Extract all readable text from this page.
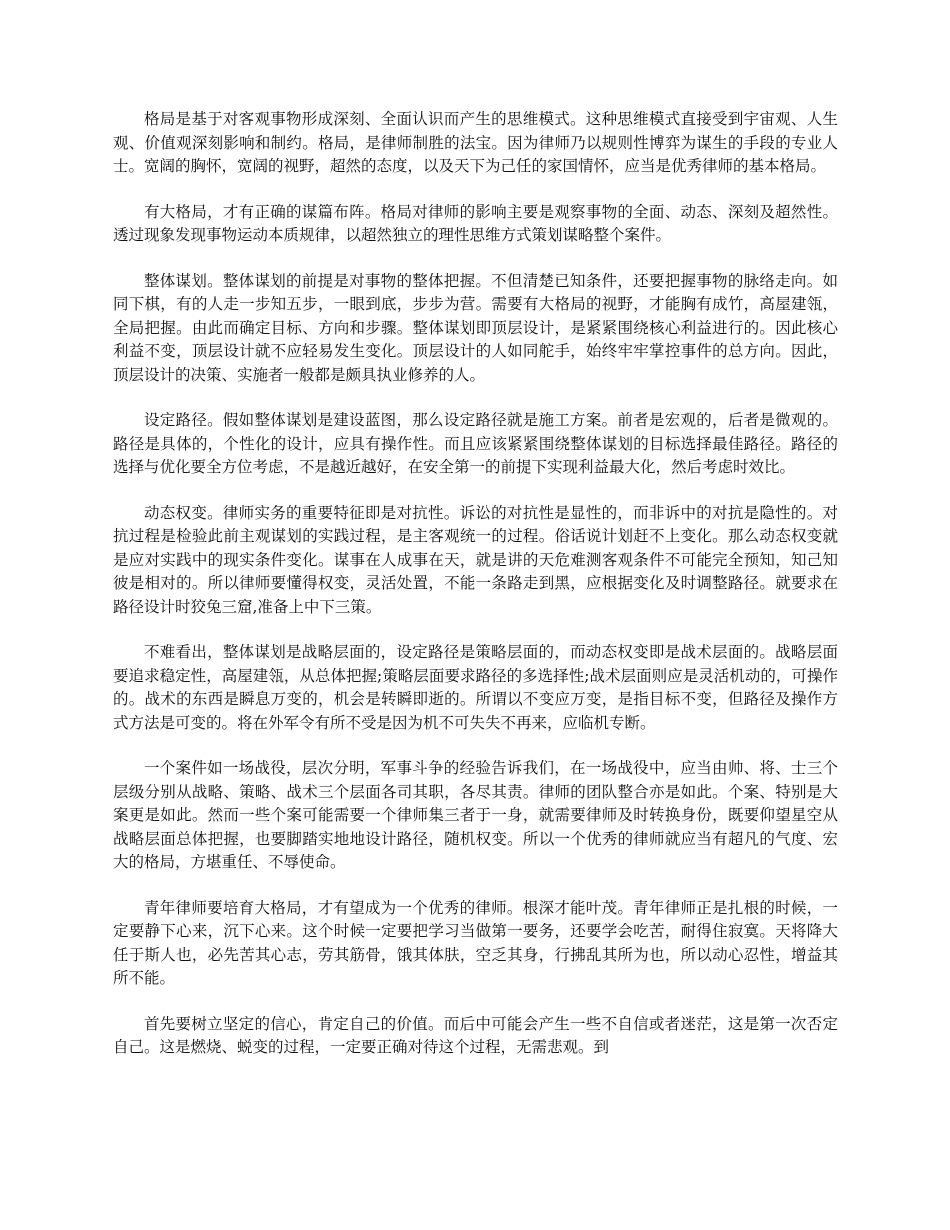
格局是基于对客观事物形成深刻、全面认识而产生的思维模式。这种思维模式直接受到宇宙观、人生观、价值观深刻影响和制约。格局，是律师制胜的法宝。因为律师乃以规则性博弈为谋生的手段的专业人士。宽阔的胸怀，宽阔的视野，超然的态度，以及天下为己任的家国情怀，应当是优秀律师的基本格局。

有大格局，才有正确的谋篇布阵。格局对律师的影响主要是观察事物的全面、动态、深刻及超然性。透过现象发现事物运动本质规律，以超然独立的理性思维方式策划谋略整个案件。

整体谋划。整体谋划的前提是对事物的整体把握。不但清楚已知条件，还要把握事物的脉络走向。如同下棋，有的人走一步知五步，一眼到底，步步为营。需要有大格局的视野，才能胸有成竹，高屋建瓴，全局把握。由此而确定目标、方向和步骤。整体谋划即顶层设计，是紧紧围绕核心利益进行的。因此核心利益不变，顶层设计就不应轻易发生变化。顶层设计的人如同舵手，始终牢牢掌控事件的总方向。因此，顶层设计的决策、实施者一般都是颇具执业修养的人。

设定路径。假如整体谋划是建设蓝图，那么设定路径就是施工方案。前者是宏观的，后者是微观的。路径是具体的，个性化的设计，应具有操作性。而且应该紧紧围绕整体谋划的目标选择最佳路径。路径的选择与优化要全方位考虑，不是越近越好，在安全第一的前提下实现利益最大化，然后考虑时效比。

动态权变。律师实务的重要特征即是对抗性。诉讼的对抗性是显性的，而非诉中的对抗是隐性的。对抗过程是检验此前主观谋划的实践过程，是主客观统一的过程。俗话说计划赶不上变化。那么动态权变就是应对实践中的现实条件变化。谋事在人成事在天，就是讲的天危难测客观条件不可能完全预知，知己知彼是相对的。所以律师要懂得权变，灵活处置，不能一条路走到黑，应根据变化及时调整路径。就要求在路径设计时狡兔三窟,准备上中下三策。

不难看出，整体谋划是战略层面的，设定路径是策略层面的，而动态权变即是战术层面的。战略层面要追求稳定性，高屋建瓴，从总体把握;策略层面要求路径的多选择性;战术层面则应是灵活机动的，可操作的。战术的东西是瞬息万变的，机会是转瞬即逝的。所谓以不变应万变，是指目标不变，但路径及操作方式方法是可变的。将在外军令有所不受是因为机不可失失不再来，应临机专断。

一个案件如一场战役，层次分明，军事斗争的经验告诉我们，在一场战役中，应当由帅、将、士三个层级分别从战略、策略、战术三个层面各司其职，各尽其责。律师的团队整合亦是如此。个案、特别是大案更是如此。然而一些个案可能需要一个律师集三者于一身，就需要律师及时转换身份，既要仰望星空从战略层面总体把握，也要脚踏实地地设计路径，随机权变。所以一个优秀的律师就应当有超凡的气度、宏大的格局，方堪重任、不辱使命。

青年律师要培育大格局，才有望成为一个优秀的律师。根深才能叶茂。青年律师正是扎根的时候，一定要静下心来，沉下心来。这个时候一定要把学习当做第一要务，还要学会吃苦，耐得住寂寞。天将降大任于斯人也，必先苦其心志，劳其筋骨，饿其体肤，空乏其身，行拂乱其所为也，所以动心忍性，增益其所不能。

首先要树立坚定的信心，肯定自己的价值。而后中可能会产生一些不自信或者迷茫，这是第一次否定自己。这是燃烧、蜕变的过程，一定要正确对待这个过程，无需悲观。到
